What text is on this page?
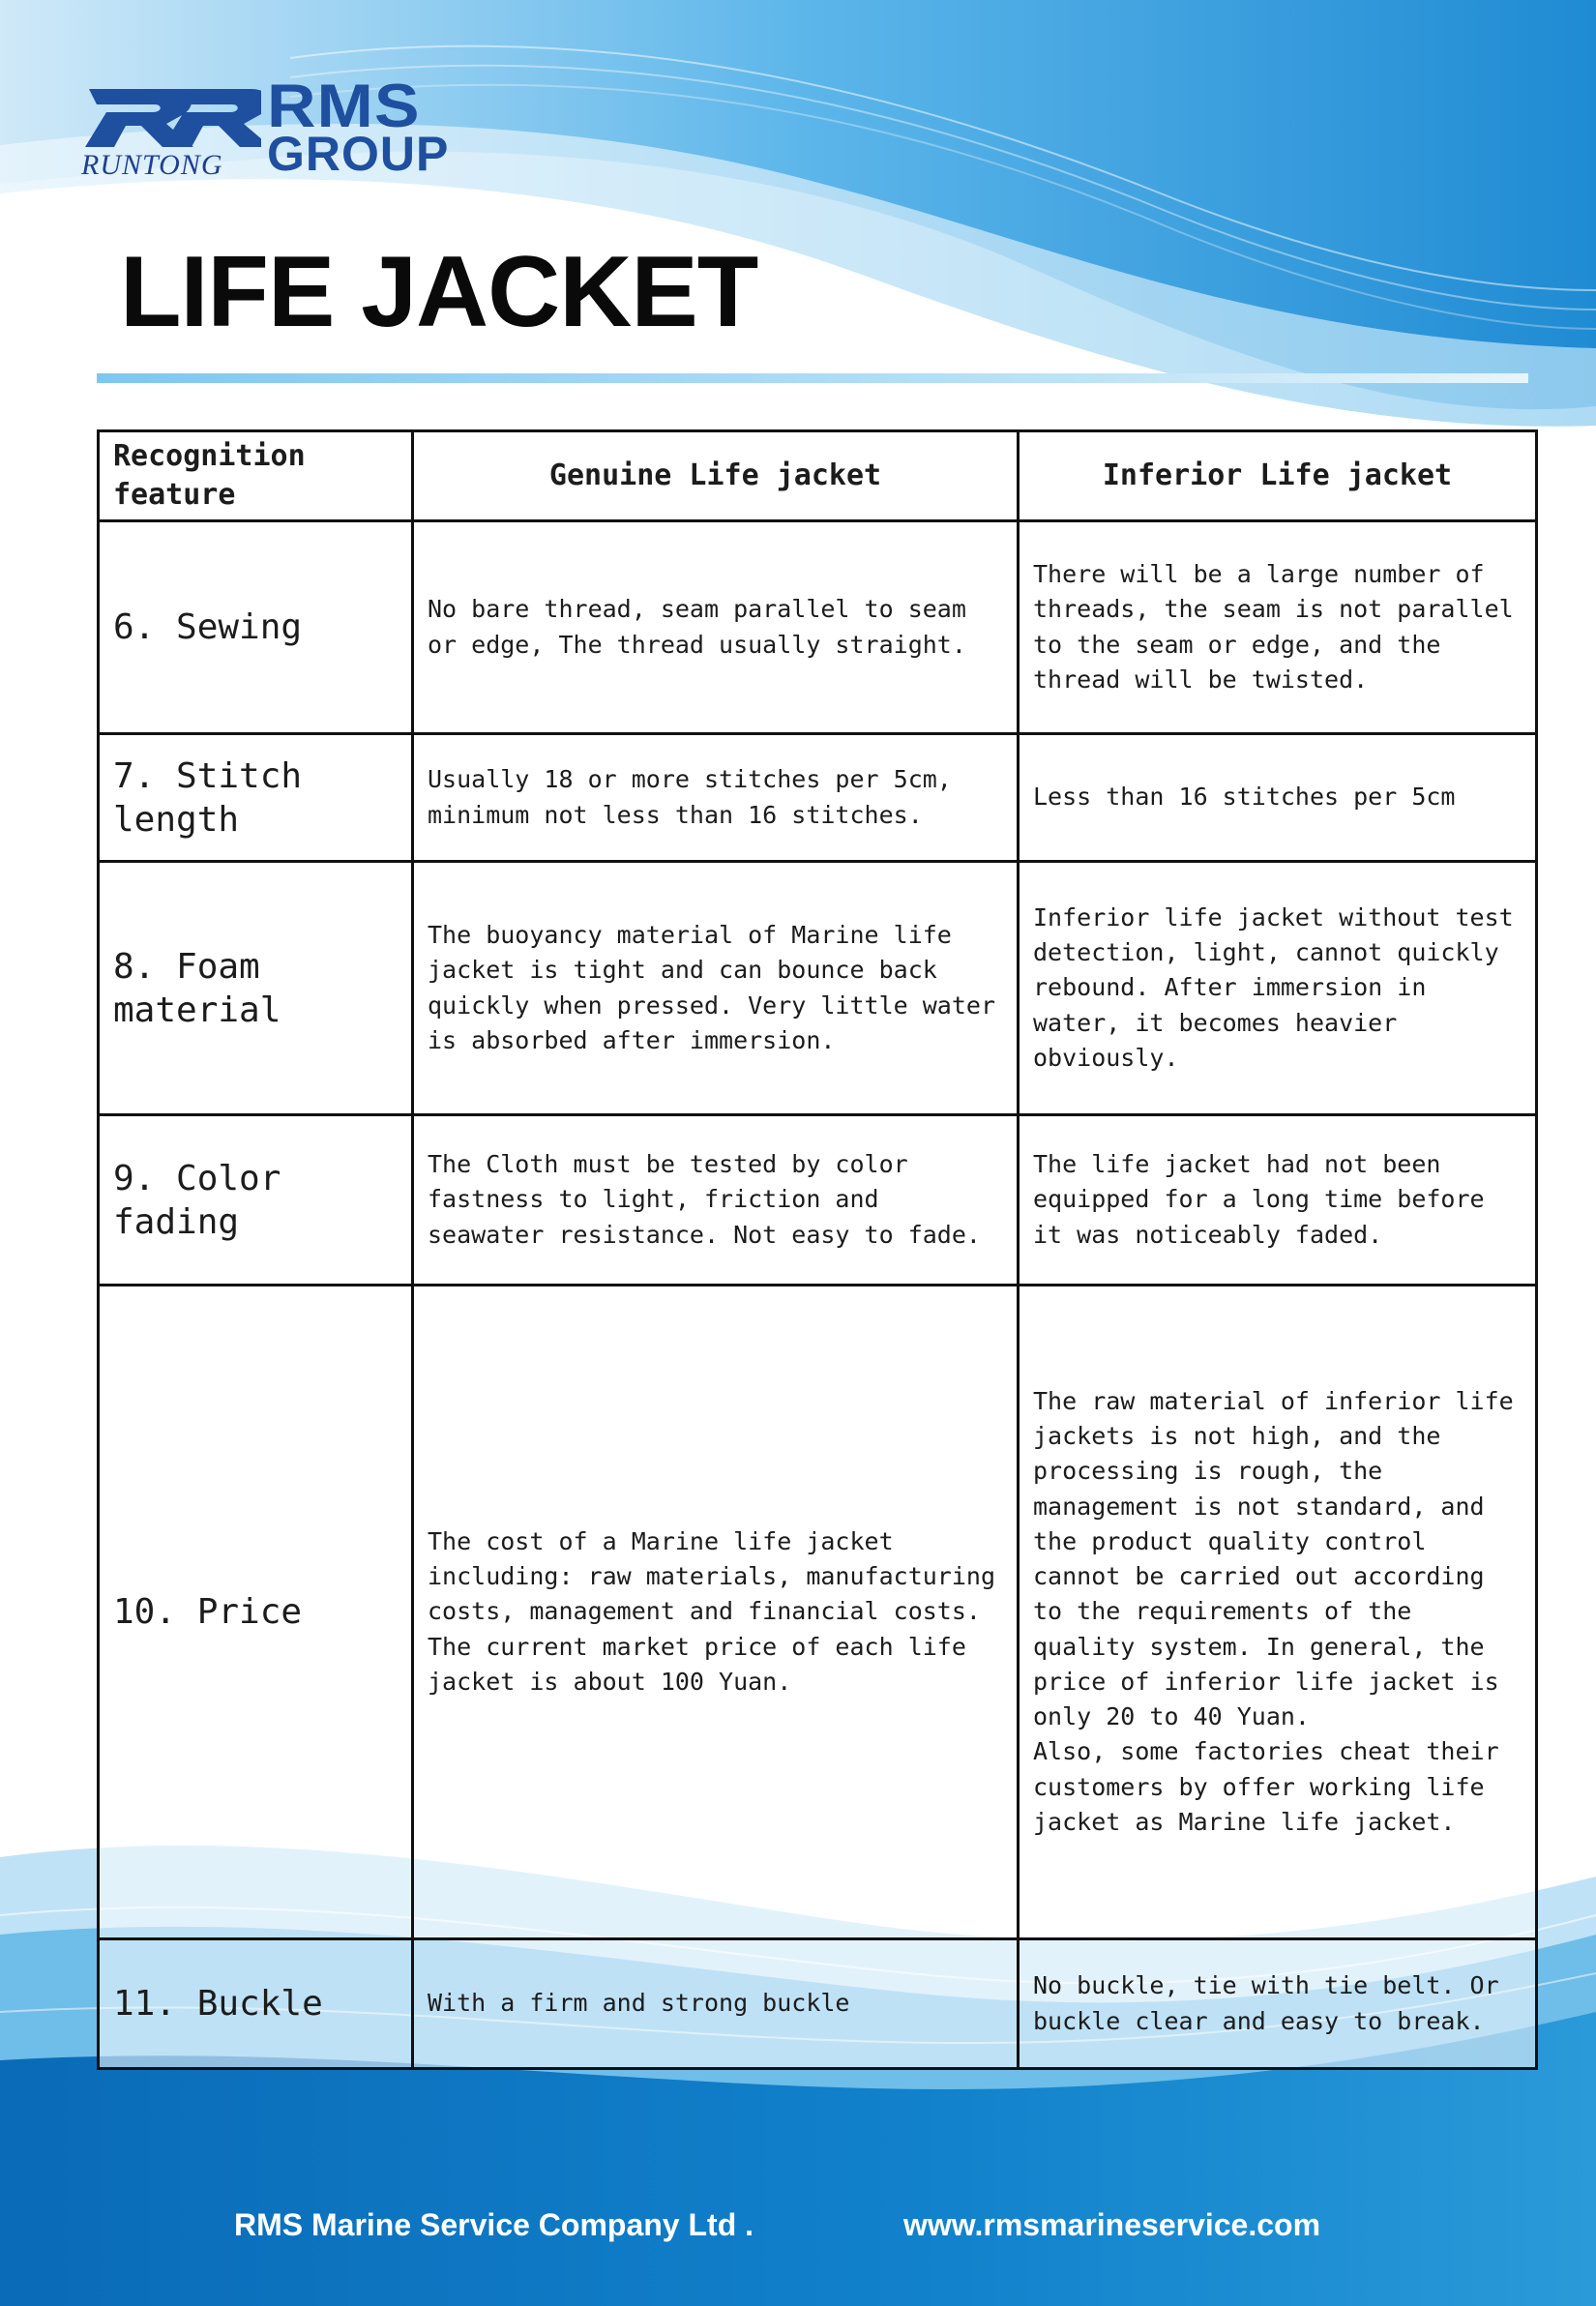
RUNTONG
RMS
GROUP
LIFE JACKET
Recognition feature	Genuine Life jacket	Inferior Life jacket
6. Sewing	No bare thread, seam parallel to seam or edge, The thread usually straight.	There will be a large number of threads, the seam is not parallel to the seam or edge, and the thread will be twisted.
7. Stitch length	Usually 18 or more stitches per 5cm, minimum not less than 16 stitches.	Less than 16 stitches per 5cm
8. Foam material	The buoyancy material of Marine life jacket is tight and can bounce back quickly when pressed. Very little water is absorbed after immersion.	Inferior life jacket without test detection, light, cannot quickly rebound. After immersion in water, it becomes heavier obviously.
9. Color fading	The Cloth must be tested by color fastness to light, friction and seawater resistance. Not easy to fade.	The life jacket had not been equipped for a long time before it was noticeably faded.
10. Price	The cost of a Marine life jacket including: raw materials, manufacturing costs, management and financial costs. The current market price of each life jacket is about 100 Yuan.	The raw material of inferior life jackets is not high, and the processing is rough, the management is not standard, and the product quality control cannot be carried out according to the requirements of the quality system. In general, the price of inferior life jacket is only 20 to 40 Yuan.
Also, some factories cheat their customers by offer working life jacket as Marine life jacket.
11. Buckle	With a firm and strong buckle	No buckle, tie with tie belt. Or buckle clear and easy to break.
RMS Marine Service Company Ltd .	www.rmsmarineservice.com
